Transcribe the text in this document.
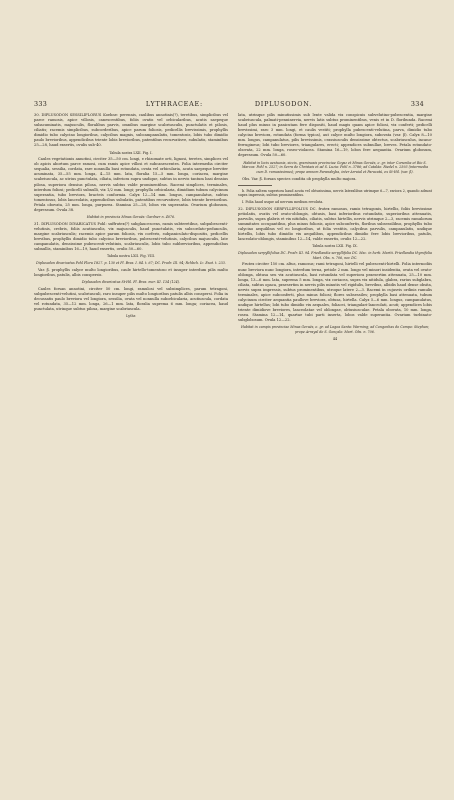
333	LYTHRACEAE:	DIPLUSODON.	334

30. DIPLUSODON SESSILIFLORUS Koehne: perennis, caulibus annotinis(?), teretibus, simplicibus vel parce ramosis, apice villosis, canescentibus, foliis ovatis vel orbicularibus, acutis saepeque subacuminatis, majusculis, floralibus parvis, omnibus margine scabriusculis, punctulatis et pilosis, ciliatis; racemis simplicibus, subcorderibus, apice parum foliosis, pedicellis brevissimis, prophyllis dimidio tubo calycino longioribus, calycibus magnis, subcampanulatis, tomentosis, lobis tubo dimidio paulo brevioribus, appendicibus triente lobis brevioribus, patentibus recurvatisve, subulatis, staminibus 25—28, haud exsertis, ovulis sub-40.

Tabula nostra LXII. Fig. I.

Caules vegetationis annotini, circiter 35—50 cm. longi, e rhizomate orti, lignosi, teretes, simplices vel ob apicis abortum parce ramosi, cum ramis apice villosi et subcanescentes. Folia intermedia circiter sequalia, sessilia, cordata, rare nonnulla basi rotundata, ovata vel orbicularia, acuta saepeque breviter acuminata, 35—55 mm. longa, 4—15 mm. lata, floralia 15—5 mm. longa, coriacea, margine scabriuscula, ac utrius punctulata, ciliata, inferiora supra undique, subtus in nervis tantum basi densius pilosa, superiora densius pilosa, nervis subtus valde prominentibus. Racemi simplices, terminales, interdum foliosi; pedicelli subnulli, vix 1/2 mm. longi; prophylla orbicularia, dimidium tubum calycinum superantia, tubo breviora, bracteis conformia. Calyx 12—14 mm. longus, campanulatus, subtus tomentosus, lobis lanceolatis, appendicibus subulatis, patentibus recurvatisve, lobis triente brevioribus. Petala obovata, 25 mm. longa, purpurea. Stamina 25—28, lobos vix superantia. Ovarium globosum, depressum. Ovula 38.

Habitat in provincia Minas Geraës: Gardner n. 4076.

31. DIPLUSODON DIVARICATUS Pohl: suffrutex(?) subglaucescens, ramis subteretibus, subpubescenti-velutinis, crebris, foliis acutiusculis, vix majusculis, haud punctulatis, vix subcordato-pedunculis, margine scabriusculis; racemis apice parum foliosis, vix corferis, subpaniculato-dispositis, pedicellis brevibus, prophyllis dimidio tubo calycino brevioribus, pubescenti-velutinis, calycibus majusculis, late campanulatis, densissime pubescenti-velutinis, scabriusculis, lobis tubo subbrevioribus, appendicibus subnullis, staminibus 16—19, haud exsertis, ovulis 50—60.

Tabula nostra LXII. Fig. VIII.

Diplusodon divaricatus Pohl Flora 1827. p. 130 et Pl. Bras. I. 84. t. 67; DC. Prodr. III. 94; Rchbch. Ic. Exot. t. 233.

Var. β. prophyllis calyce multo longioribus, caule hirtello-tomentoso et insuper interdum pilis multo longioribus, patulis, albis conspersis.

Diplusodon divaricatus St-Hil. Fl. Bras. mer. III. 134 (124).

Caules forsan annotini, circiter 50 cm. longi, ramulosi vel subsimplices, parum tetragoni, subpubescenti-velutini, scabriusculi, raro insuper pilis multo longioribus patulis albis conspersi. Folia in decussatis paulo breviora vel longiora, sessilia, ovata vel nonnulla suborbicularia, acutiuscula, cordata vel rotundata, 35—12 mm. longa, 26—1 mm. lata, floralia suprema 6 mm. longa; coriacea, haud punctulata, utrinque subtus pilosa, margine scabriuscula.

Lythr.

lata, utrinque pilis minutissimis sub lente valida vix conspicuis subvelutino-pubescentia, margine scabriuscula, palmati-penninervia, nervis latis subtus prominentibus, venis et in D. floribunda. Racemi haud plus minus in panicutam fere dispositi, haud magis quam apice foliosi, vix conferti; pedicelli brevissimi, raro 3 mm. longi, et caulis vestiti; prophylla pubescenti-velutina, parva, dimidio tubo calycino breviora, rotundata (forma typica), aut calyce multo longiora, subovata (var. β). Calyx 8—10 mm. longus, campanulatus, pilis brevissimis, crassiusculis densissime obtectus, scabriusculus, incano-ferrugineus; lobi tubo breviores, triangulares, erecti; appendices subnullae, breves. Petala rotundato-obovata, 22 mm. longa, roseo-violacea. Stamina 16—19, lobos fere aequantia. Ovarium globosum, depressum. Ovula 50—60.

Habitat in locis aestuosis, siccis, graminosis provinciae Goyaz et Minas Geraës, e. gr. inter Corumba et Rio S. Marcos: Pohl n. 2527; in Serra de Christais et ad S. Luzia: Pohl n. 3786; ad Catalão: Riedel n. 2593 (intermedia cum D. ramosissimus); prope amnem Paranahyba, inter Arraial et Paracatú, ex St-Hil. (var. β).

Obs. Var. β. forsan species condita ob prophylla multo majora.

b. Folia saltem superiora haud acuta vel obtusissima, nervis lateralibus utrimque 6—7, rariora 2, quando adsunt supra impressis, subtus prominentibus.

I. Folia haud usque ad nervum medium revoluta.

32. DIPLUSODON SERPYLLIFOLIUS DC. frutex ramosus, ramis tetragonis, hirtellis, foliis brevissime petiolatis, ovatis vel ovato-oblongis, obtusis, basi inferioribus rotundatis, superioribus attenuatis, parvulis, supra glabris et vix nitidulis, ciliatis, subtus hirtellis, nervis utrimque 2—3, racemis ramulorum summitates occupantibus, plus minus foliosis, apice subconfertis, floribus subsessilibus, prophyllis tubo calycino aequilibus vel eo longioribus, ut folia vestitis, calycibus parvulis, campanulatis, undique hirtellis, lobis tubo dimidio vix aequilibus, appendicibus dimidio fere lobis brevioribus, patulis, lanceolato-oblongis, staminibus 12—14, valde exsertis, ovulis 12—22.

Tabula nostra LXII. Fig. IX.

Diplusodon serpyllifolius DC. Prodr. III. 94. Friedlandia serpyllifolia DC. Msc. in herb. Martii. Friedlandia thymifolia Mart. Obs. n. 706, nec DC.

Frutex circiter 150 cm. altus, ramosus; rami tetragoni, hirtelli vel pubescenti-hirtelli. Folia internodiis nunc breviora nunc longiora, interdum terna, petiole 2 mm. longo vel minori insidentia, ovata vel ovato-oblonga, obtusa seu vix acutiuscula, basi rotundata vel superiora praesertim attenuata, 25—10 mm. longa, 13—6 mm. lata, suprema 5 mm. longa, vix coriacea, supra vix nitidula, glabra, rarius subglabra, ciliata, subtus opaca, praesertim in nervis pilis minutis vel rigidulis, brevibus, albidis haud dense obsita, nervis supra impressis, subtus prominentibus, utroque latere 2—3. Racemi in cujusvis ordinis ramulis terminales, apice subconferti, plus minus foliosi; flores subsessiles; prophylla basi attenuata, tubum calycinum circiter aequantia paullove breviora, obtusa, hirtella. Calyx 5—6 mm. longus, campanulatus, undique hirtellus; lobi tubo dimidio vix aequales, foliacei, triangulari-lanceolati, acuti; appendices lobis triente dimidiove breviores, lanceolatae vel oblongae, obtusiusculae. Petala obovata, 10 mm. longa, rosea. Stamina 12—14, quartae tubi parti inserta, lobos valde superantia. Ovarium turbinato-subglobosum. Ovula 12—22.

Habitat in campis provinciae Minas Geraës, e. gr. ad Lagoa Santa: Warming; ad Congonhas do Campo: Stephan; prope Arrayal de S. Gonçalo: Mart. Obs. n. 706.

44
